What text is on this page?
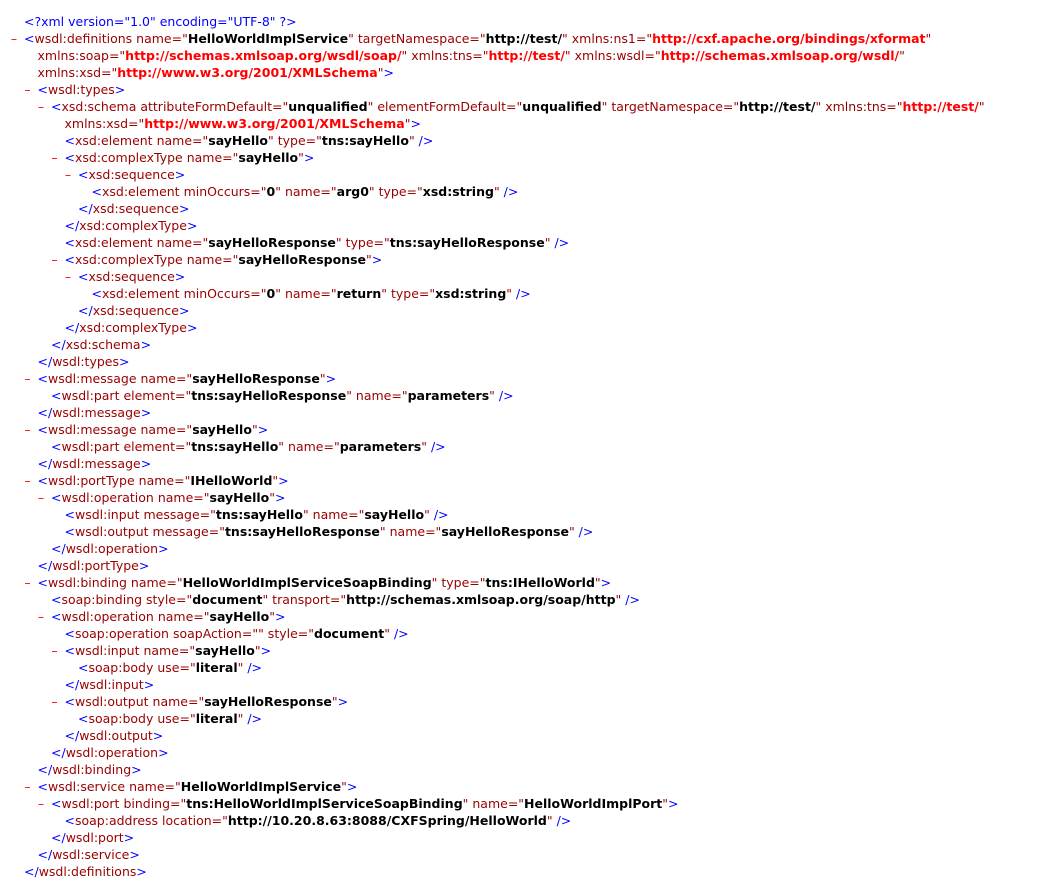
<?xml version="1.0" encoding="UTF-8" ?>
– <wsdl:definitions name="HelloWorldImplService" targetNamespace="http://test/" xmlns:ns1="http://cxf.apache.org/bindings/xformat"
xmlns:soap="http://schemas.xmlsoap.org/wsdl/soap/" xmlns:tns="http://test/" xmlns:wsdl="http://schemas.xmlsoap.org/wsdl/"
xmlns:xsd="http://www.w3.org/2001/XMLSchema">
– <wsdl:types>
– <xsd:schema attributeFormDefault="unqualified" elementFormDefault="unqualified" targetNamespace="http://test/" xmlns:tns="http://test/"
xmlns:xsd="http://www.w3.org/2001/XMLSchema">
<xsd:element name="sayHello" type="tns:sayHello" />
– <xsd:complexType name="sayHello">
– <xsd:sequence>
<xsd:element minOccurs="0" name="arg0" type="xsd:string" />
</xsd:sequence>
</xsd:complexType>
<xsd:element name="sayHelloResponse" type="tns:sayHelloResponse" />
– <xsd:complexType name="sayHelloResponse">
– <xsd:sequence>
<xsd:element minOccurs="0" name="return" type="xsd:string" />
</xsd:sequence>
</xsd:complexType>
</xsd:schema>
</wsdl:types>
– <wsdl:message name="sayHelloResponse">
<wsdl:part element="tns:sayHelloResponse" name="parameters" />
</wsdl:message>
– <wsdl:message name="sayHello">
<wsdl:part element="tns:sayHello" name="parameters" />
</wsdl:message>
– <wsdl:portType name="IHelloWorld">
– <wsdl:operation name="sayHello">
<wsdl:input message="tns:sayHello" name="sayHello" />
<wsdl:output message="tns:sayHelloResponse" name="sayHelloResponse" />
</wsdl:operation>
</wsdl:portType>
– <wsdl:binding name="HelloWorldImplServiceSoapBinding" type="tns:IHelloWorld">
<soap:binding style="document" transport="http://schemas.xmlsoap.org/soap/http" />
– <wsdl:operation name="sayHello">
<soap:operation soapAction="" style="document" />
– <wsdl:input name="sayHello">
<soap:body use="literal" />
</wsdl:input>
– <wsdl:output name="sayHelloResponse">
<soap:body use="literal" />
</wsdl:output>
</wsdl:operation>
</wsdl:binding>
– <wsdl:service name="HelloWorldImplService">
– <wsdl:port binding="tns:HelloWorldImplServiceSoapBinding" name="HelloWorldImplPort">
<soap:address location="http://10.20.8.63:8088/CXFSpring/HelloWorld" />
</wsdl:port>
</wsdl:service>
</wsdl:definitions>
